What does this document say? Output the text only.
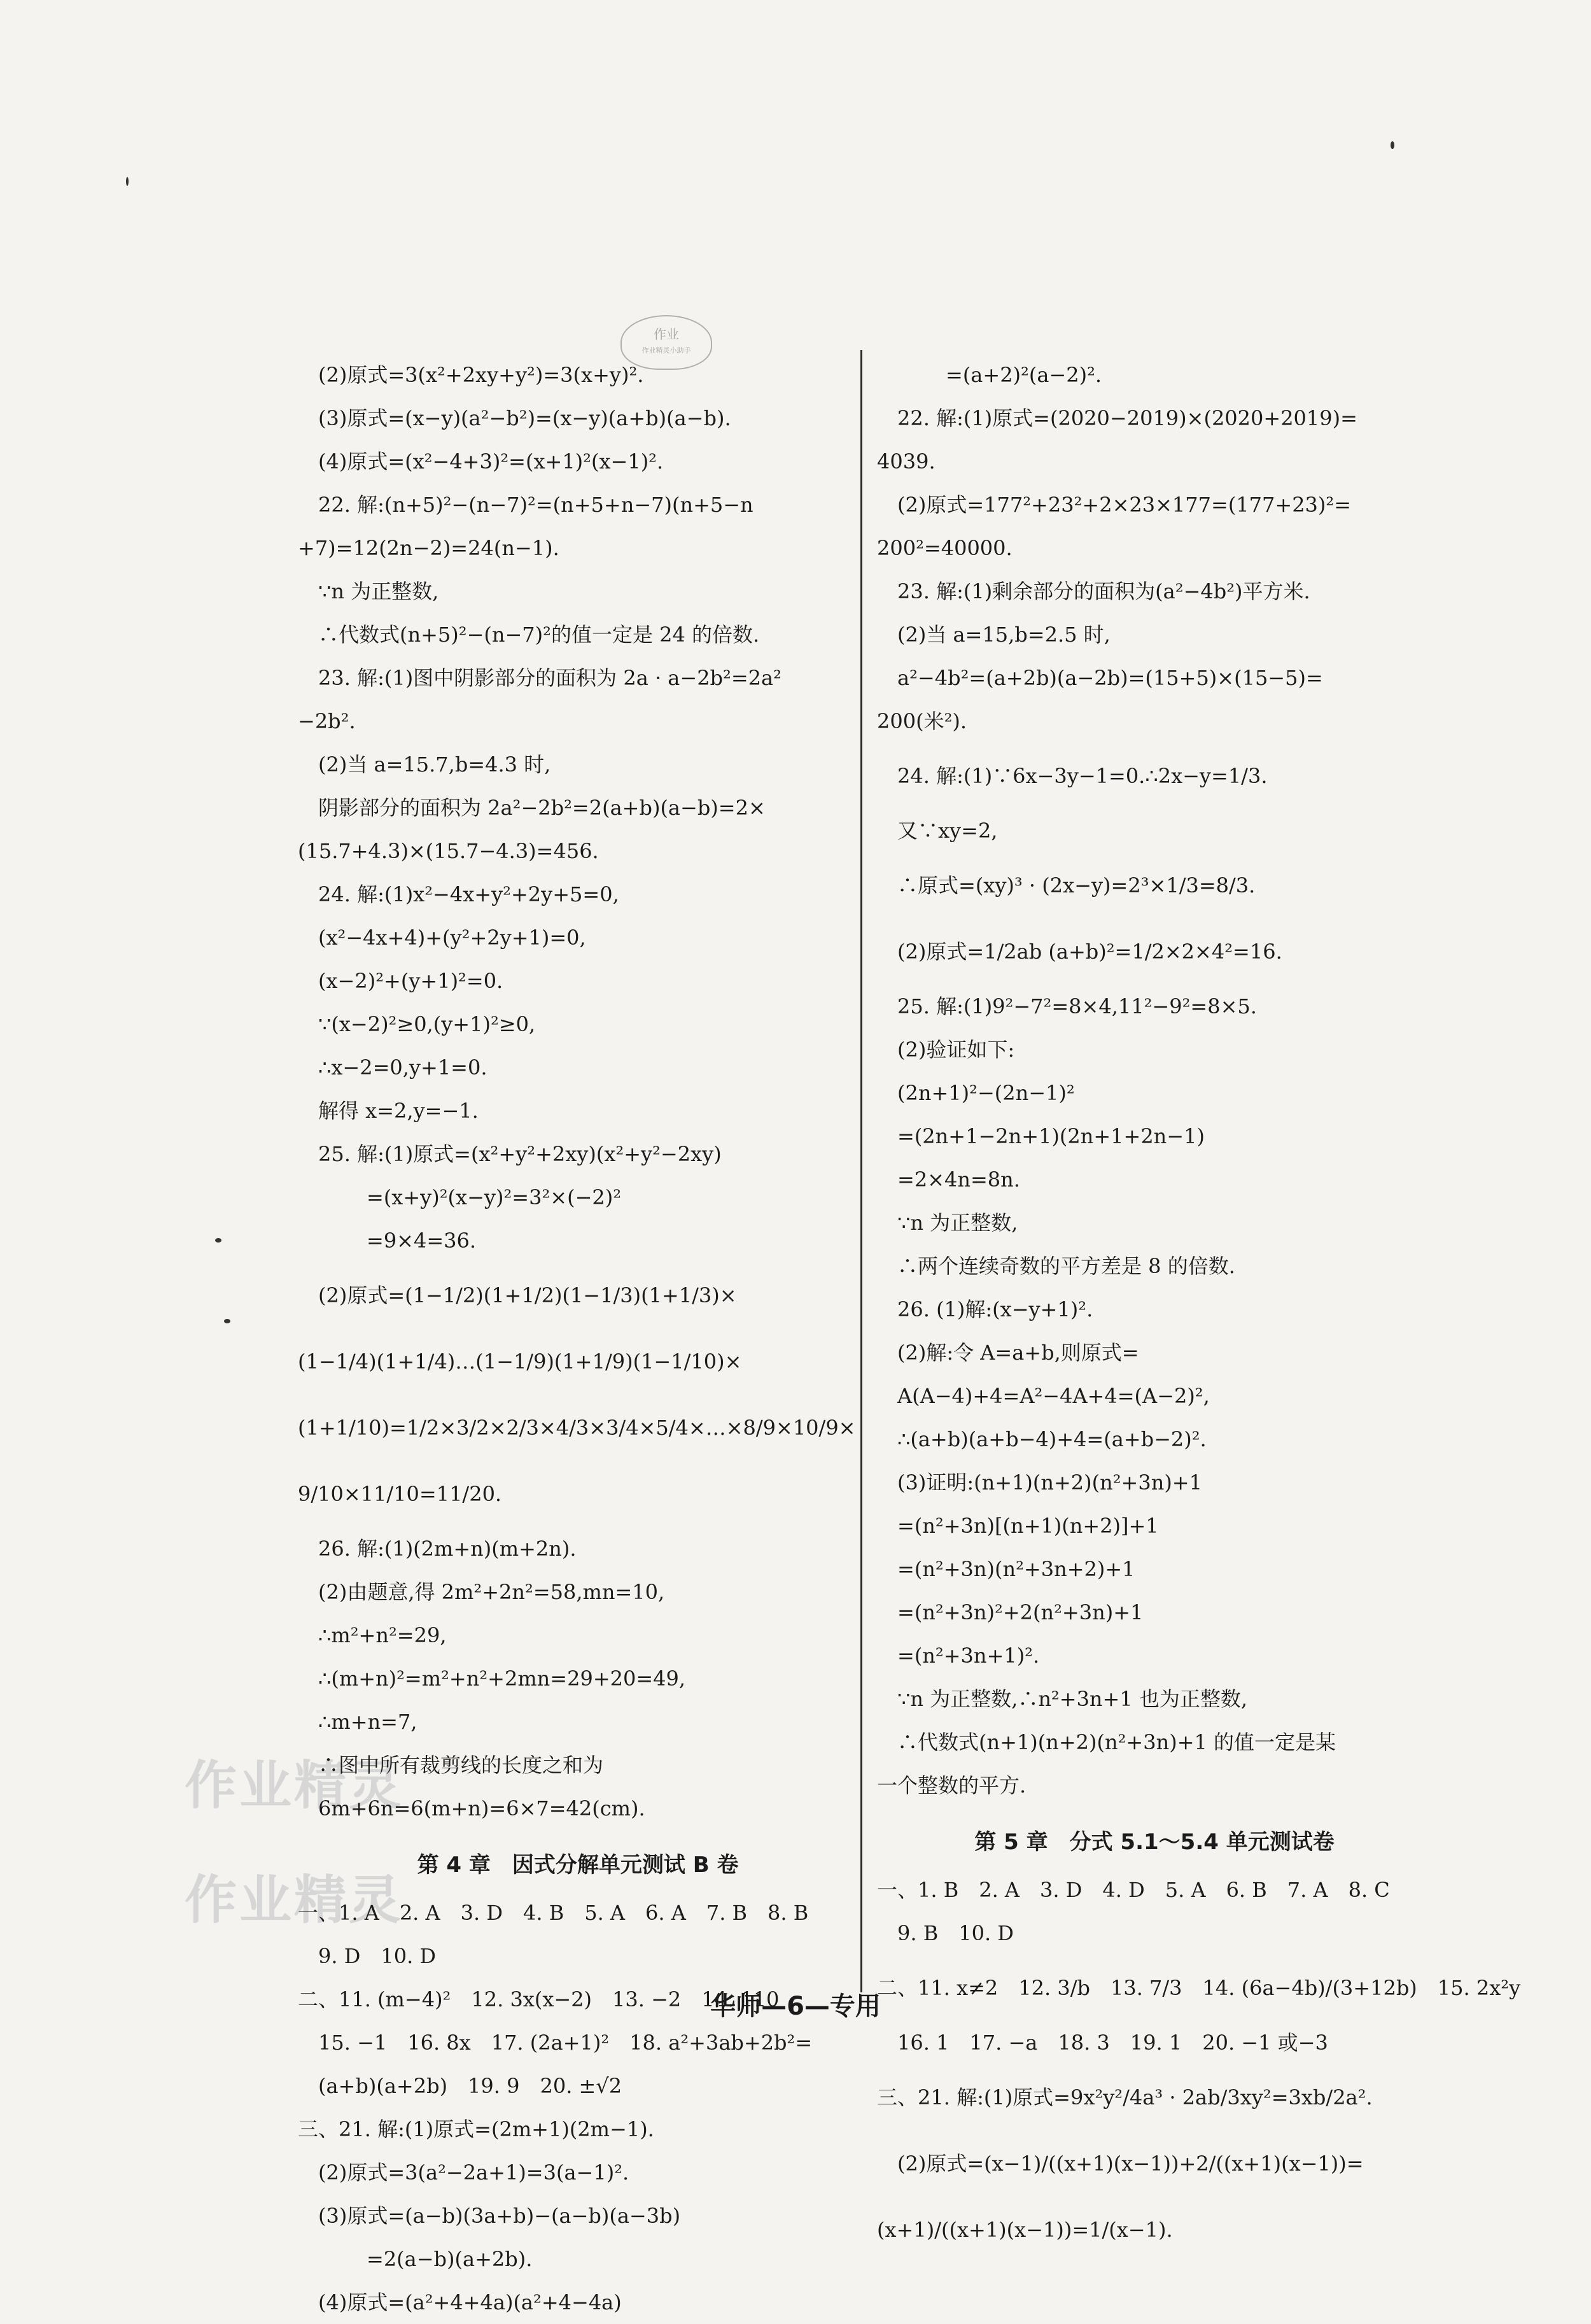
作业
作业精灵小助手
作业精灵
作业精灵
(2)原式=3(x²+2xy+y²)=3(x+y)².
(3)原式=(x−y)(a²−b²)=(x−y)(a+b)(a−b).
(4)原式=(x²−4+3)²=(x+1)²(x−1)².
22. 解:(n+5)²−(n−7)²=(n+5+n−7)(n+5−n
+7)=12(2n−2)=24(n−1).
∵n 为正整数,
∴代数式(n+5)²−(n−7)²的值一定是 24 的倍数.
23. 解:(1)图中阴影部分的面积为 2a · a−2b²=2a²
−2b².
(2)当 a=15.7,b=4.3 时,
阴影部分的面积为 2a²−2b²=2(a+b)(a−b)=2×
(15.7+4.3)×(15.7−4.3)=456.
24. 解:(1)x²−4x+y²+2y+5=0,
(x²−4x+4)+(y²+2y+1)=0,
(x−2)²+(y+1)²=0.
∵(x−2)²≥0,(y+1)²≥0,
∴x−2=0,y+1=0.
解得 x=2,y=−1.
25. 解:(1)原式=(x²+y²+2xy)(x²+y²−2xy)
=(x+y)²(x−y)²=3²×(−2)²
=9×4=36.
(2)原式=(1−1/2)(1+1/2)(1−1/3)(1+1/3)×
(1−1/4)(1+1/4)…(1−1/9)(1+1/9)(1−1/10)×
(1+1/10)=1/2×3/2×2/3×4/3×3/4×5/4×…×8/9×10/9×
9/10×11/10=11/20.
26. 解:(1)(2m+n)(m+2n).
(2)由题意,得 2m²+2n²=58,mn=10,
∴m²+n²=29,
∴(m+n)²=m²+n²+2mn=29+20=49,
∴m+n=7,
∴图中所有裁剪线的长度之和为
6m+6n=6(m+n)=6×7=42(cm).
第 4 章　因式分解单元测试 B 卷
一、1. A　2. A　3. D　4. B　5. A　6. A　7. B　8. B
9. D　10. D
二、11. (m−4)²　12. 3x(x−2)　13. −2　14. 110
15. −1　16. 8x　17. (2a+1)²　18. a²+3ab+2b²=
(a+b)(a+2b)　19. 9　20. ±√2
三、21. 解:(1)原式=(2m+1)(2m−1).
(2)原式=3(a²−2a+1)=3(a−1)².
(3)原式=(a−b)(3a+b)−(a−b)(a−3b)
=2(a−b)(a+2b).
(4)原式=(a²+4+4a)(a²+4−4a)
=(a+2)²(a−2)².
22. 解:(1)原式=(2020−2019)×(2020+2019)=
4039.
(2)原式=177²+23²+2×23×177=(177+23)²=
200²=40000.
23. 解:(1)剩余部分的面积为(a²−4b²)平方米.
(2)当 a=15,b=2.5 时,
a²−4b²=(a+2b)(a−2b)=(15+5)×(15−5)=
200(米²).
24. 解:(1)∵6x−3y−1=0.∴2x−y=1/3.
又∵xy=2,
∴原式=(xy)³ · (2x−y)=2³×1/3=8/3.
(2)原式=1/2ab (a+b)²=1/2×2×4²=16.
25. 解:(1)9²−7²=8×4,11²−9²=8×5.
(2)验证如下:
(2n+1)²−(2n−1)²
=(2n+1−2n+1)(2n+1+2n−1)
=2×4n=8n.
∵n 为正整数,
∴两个连续奇数的平方差是 8 的倍数.
26. (1)解:(x−y+1)².
(2)解:令 A=a+b,则原式=
A(A−4)+4=A²−4A+4=(A−2)²,
∴(a+b)(a+b−4)+4=(a+b−2)².
(3)证明:(n+1)(n+2)(n²+3n)+1
=(n²+3n)[(n+1)(n+2)]+1
=(n²+3n)(n²+3n+2)+1
=(n²+3n)²+2(n²+3n)+1
=(n²+3n+1)².
∵n 为正整数,∴n²+3n+1 也为正整数,
∴代数式(n+1)(n+2)(n²+3n)+1 的值一定是某
一个整数的平方.
第 5 章　分式 5.1～5.4 单元测试卷
一、1. B　2. A　3. D　4. D　5. A　6. B　7. A　8. C
9. B　10. D
二、11. x≠2　12. 3/b　13. 7/3　14. (6a−4b)/(3+12b)　15. 2x²y
16. 1　17. −a　18. 3　19. 1　20. −1 或−3
三、21. 解:(1)原式=9x²y²/4a³ · 2ab/3xy²=3xb/2a².
(2)原式=(x−1)/((x+1)(x−1))+2/((x+1)(x−1))=
(x+1)/((x+1)(x−1))=1/(x−1).
华师—6—专用
